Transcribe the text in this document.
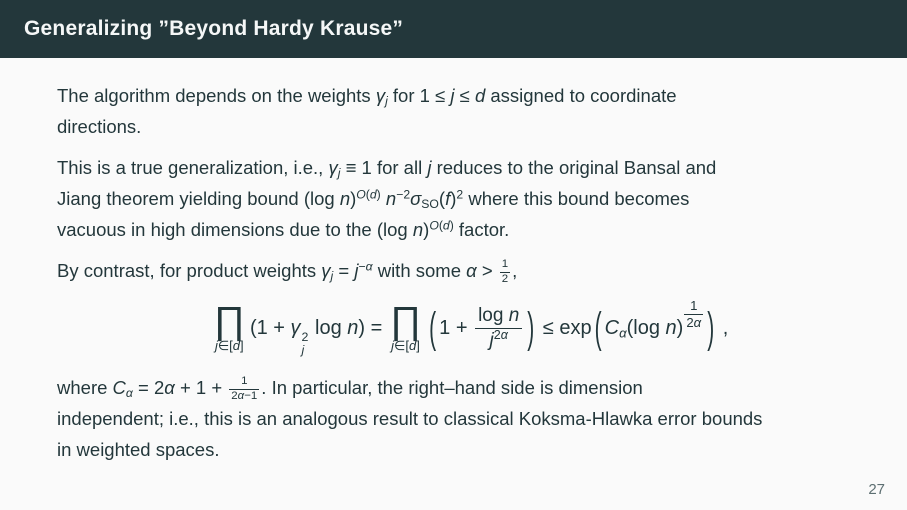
Generalizing ”Beyond Hardy Krause”
The algorithm depends on the weights $\gamma_j$ for 1 ≤ j ≤ d assigned to coordinate
directions.
This is a true generalization, i.e., $\gamma_j \equiv 1$ for all j reduces to the original Bansal and
Jiang theorem yielding bound (log n)$^{O(d)}$ $n^{-2}\sigma_{SO}(f)^2$ where this bound becomes
vacuous in high dimensions due to the (log n)$^{O(d)}$ factor.
By contrast, for product weights $\gamma_j = j^{-\alpha}$ with some $\alpha > \frac{1}{2}$ ,
∏
j∈[d]
(1 + γ 2
j
log n) = ∏
j∈[d] ( $1 + \frac{\text{log n}}{j^{2\alpha}}$ ) ≤ exp ( $C_\alpha(\log$ n) $^{\frac{1}{2\alpha}}$ ) ,
where $C_\alpha = 2\alpha + 1 + \frac{1}{2\alpha-1}$ . In particular, the right–hand side is dimension
independent; i.e., this is an analogous result to classical Koksma-Hlawka error bounds
in weighted spaces.
27
